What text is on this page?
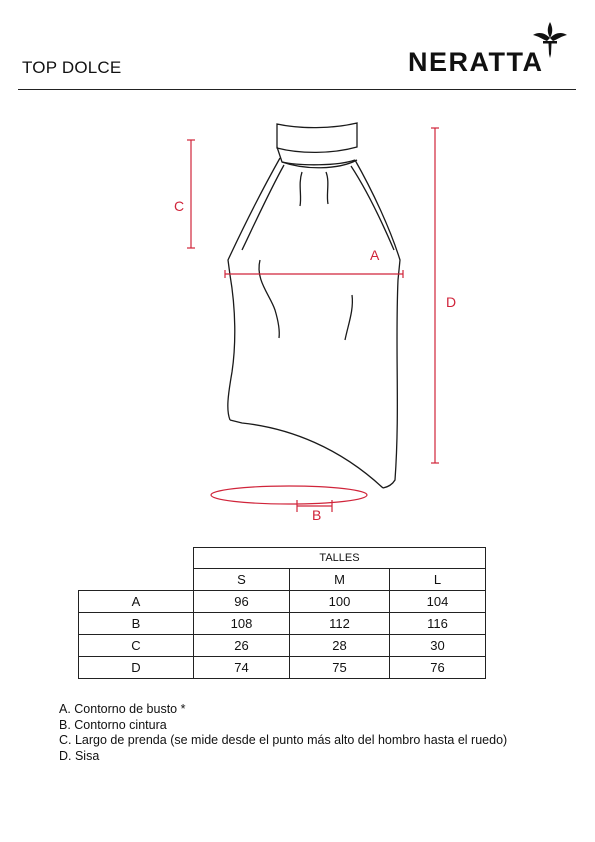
TOP DOLCE	NERATTA
A
B
C
D
	TALLES		
	S	M	L
A	96	100	104
B	108	112	116
C	26	28	30
D	74	75	76
A. Contorno de busto *
B. Contorno cintura
C. Largo de prenda (se mide desde el punto más alto del hombro hasta el ruedo)
D. Sisa
